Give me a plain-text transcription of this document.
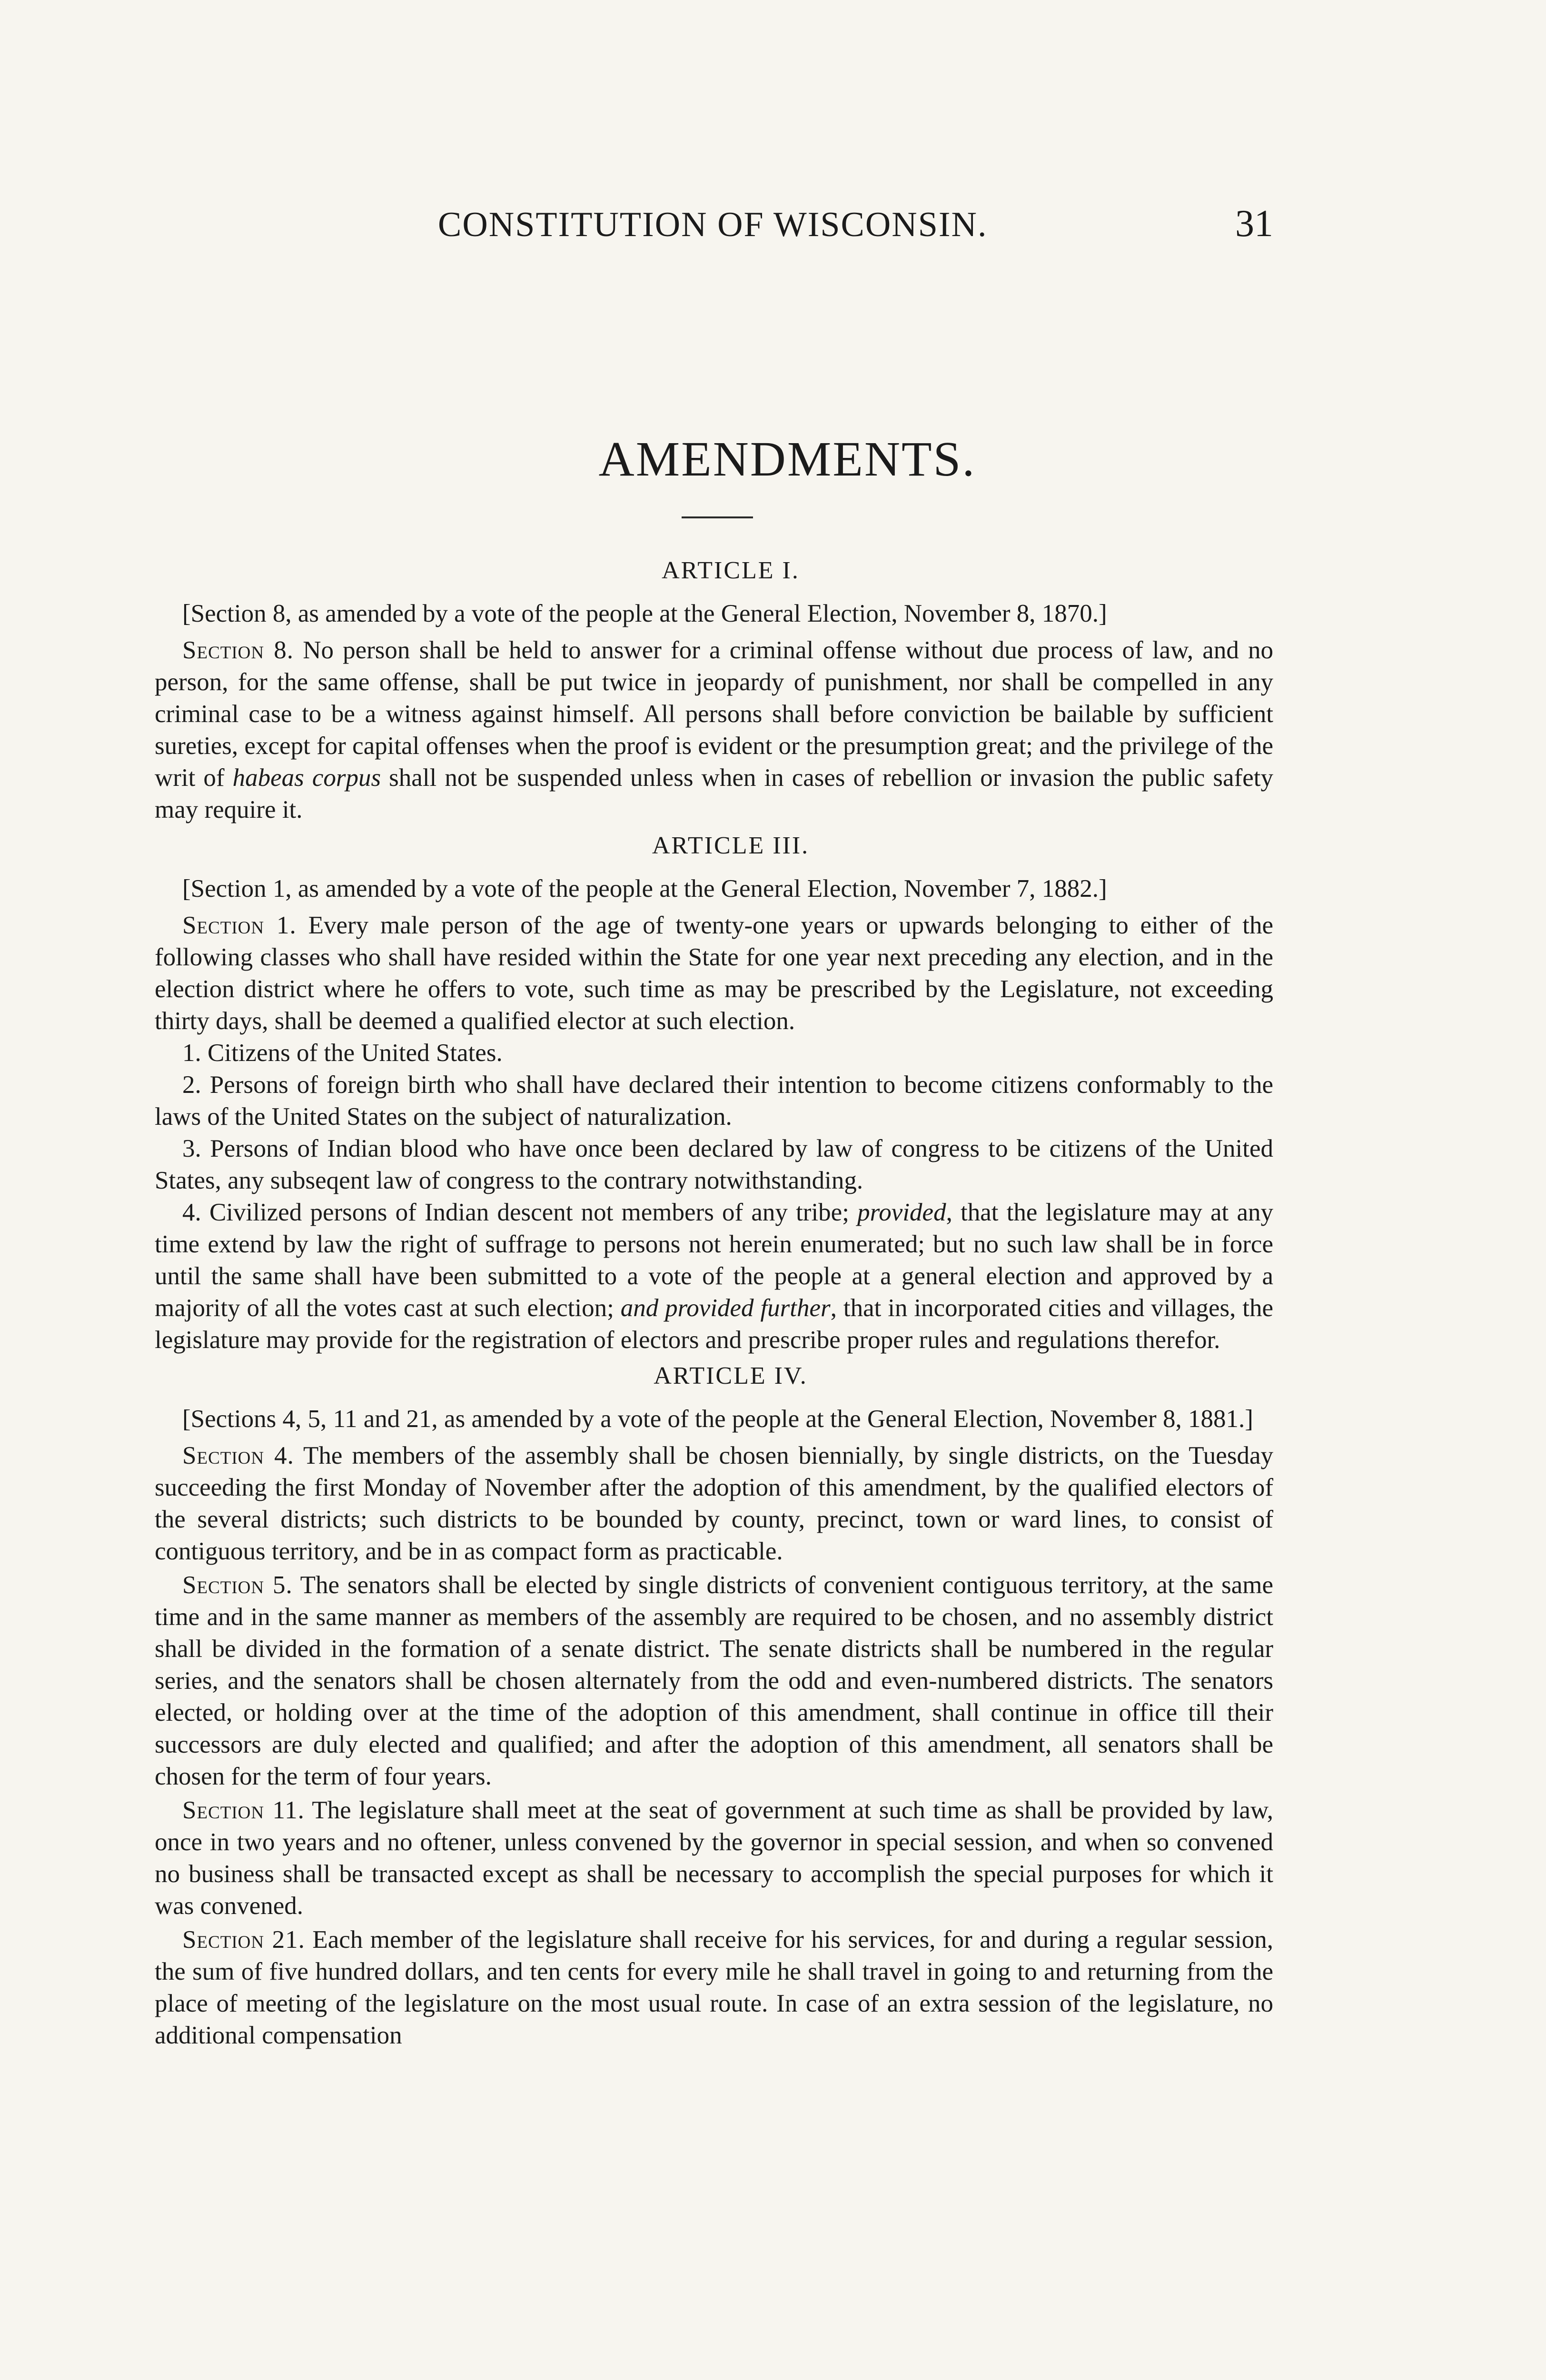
CONSTITUTION OF WISCONSIN.	31
AMENDMENTS.
ARTICLE I.

[Section 8, as amended by a vote of the people at the General Election, November 8, 1870.]

Section 8. No person shall be held to answer for a criminal offense without due process of law, and no person, for the same offense, shall be put twice in jeopardy of punishment, nor shall be compelled in any criminal case to be a witness against himself. All persons shall before conviction be bailable by sufficient sureties, except for capital offenses when the proof is evident or the presumption great; and the privilege of the writ of habeas corpus shall not be suspended unless when in cases of rebellion or invasion the public safety may require it.

ARTICLE III.

[Section 1, as amended by a vote of the people at the General Election, November 7, 1882.]

Section 1. Every male person of the age of twenty-one years or upwards belonging to either of the following classes who shall have resided within the State for one year next preceding any election, and in the election district where he offers to vote, such time as may be prescribed by the Legislature, not exceeding thirty days, shall be deemed a qualified elector at such election.

1. Citizens of the United States.

2. Persons of foreign birth who shall have declared their intention to become citizens conformably to the laws of the United States on the subject of naturalization.

3. Persons of Indian blood who have once been declared by law of congress to be citizens of the United States, any subseqent law of congress to the contrary notwithstanding.

4. Civilized persons of Indian descent not members of any tribe; provided, that the legislature may at any time extend by law the right of suffrage to persons not herein enumerated; but no such law shall be in force until the same shall have been submitted to a vote of the people at a general election and approved by a majority of all the votes cast at such election; and provided further, that in incorporated cities and villages, the legislature may provide for the registration of electors and prescribe proper rules and regulations therefor.

ARTICLE IV.

[Sections 4, 5, 11 and 21, as amended by a vote of the people at the General Election, November 8, 1881.]

Section 4. The members of the assembly shall be chosen biennially, by single districts, on the Tuesday succeeding the first Monday of November after the adoption of this amendment, by the qualified electors of the several districts; such districts to be bounded by county, precinct, town or ward lines, to consist of contiguous territory, and be in as compact form as practicable.

Section 5. The senators shall be elected by single districts of convenient contiguous territory, at the same time and in the same manner as members of the assembly are required to be chosen, and no assembly district shall be divided in the formation of a senate district. The senate districts shall be numbered in the regular series, and the senators shall be chosen alternately from the odd and even-numbered districts. The senators elected, or holding over at the time of the adoption of this amendment, shall continue in office till their successors are duly elected and qualified; and after the adoption of this amendment, all senators shall be chosen for the term of four years.

Section 11. The legislature shall meet at the seat of government at such time as shall be provided by law, once in two years and no oftener, unless convened by the governor in special session, and when so convened no business shall be transacted except as shall be necessary to accomplish the special purposes for which it was convened.

Section 21. Each member of the legislature shall receive for his services, for and during a regular session, the sum of five hundred dollars, and ten cents for every mile he shall travel in going to and returning from the place of meeting of the legislature on the most usual route. In case of an extra session of the legislature, no additional compensation
